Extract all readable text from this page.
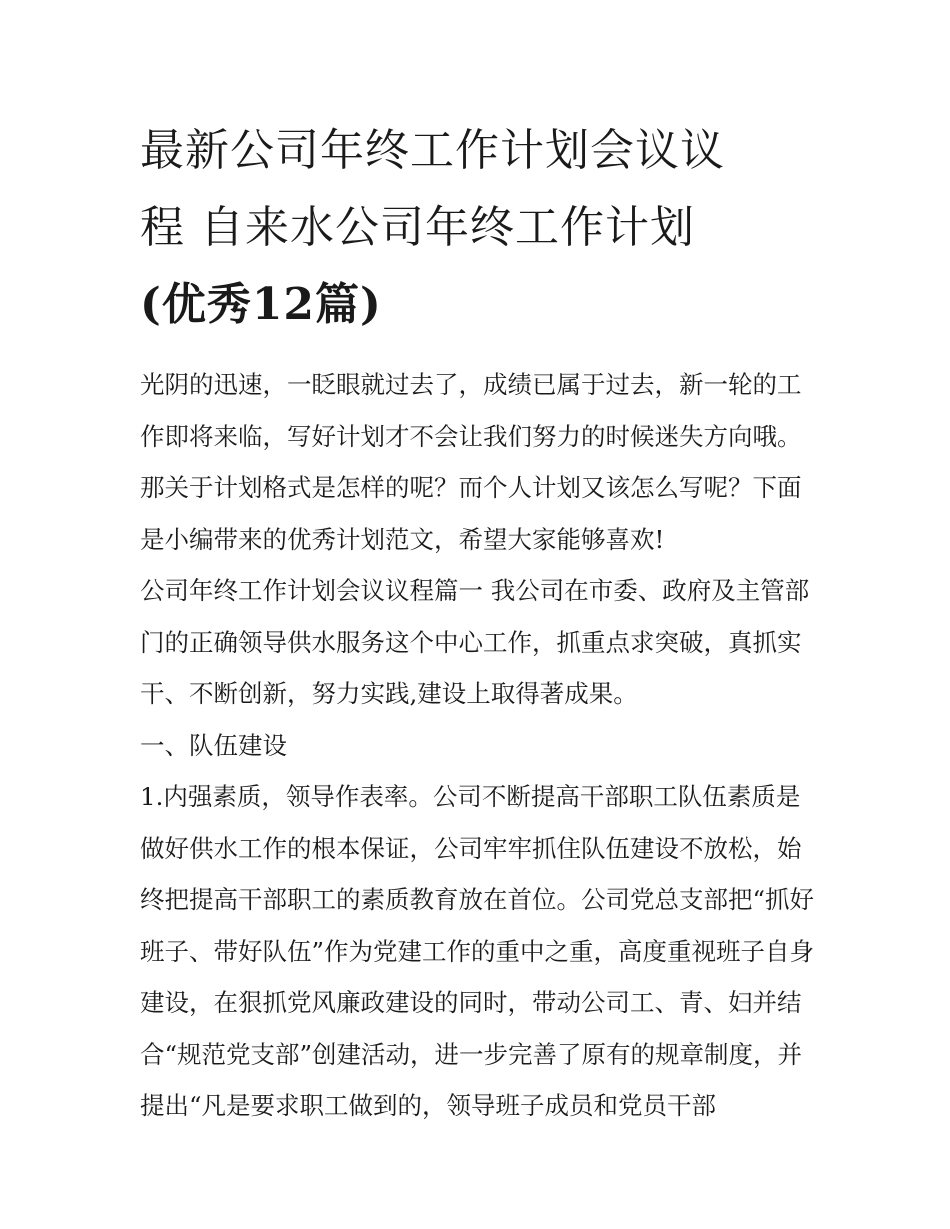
最新公司年终工作计划会议议
程 自来水公司年终工作计划
(优秀12篇)

光阴的迅速，一眨眼就过去了，成绩已属于过去，新一轮的工作即将来临，写好计划才不会让我们努力的时候迷失方向哦。那关于计划格式是怎样的呢？而个人计划又该怎么写呢？下面是小编带来的优秀计划范文，希望大家能够喜欢!

公司年终工作计划会议议程篇一 我公司在市委、政府及主管部门的正确领导供水服务这个中心工作，抓重点求突破，真抓实干、不断创新，努力实践,建设上取得著成果。

一、队伍建设

1.内强素质，领导作表率。公司不断提高干部职工队伍素质是做好供水工作的根本保证，公司牢牢抓住队伍建设不放松，始终把提高干部职工的素质教育放在首位。公司党总支部把“抓好班子、带好队伍”作为党建工作的重中之重，高度重视班子自身建设，在狠抓党风廉政建设的同时，带动公司工、青、妇并结合“规范党支部”创建活动，进一步完善了原有的规章制度，并提出“凡是要求职工做到的，领导班子成员和党员干部
